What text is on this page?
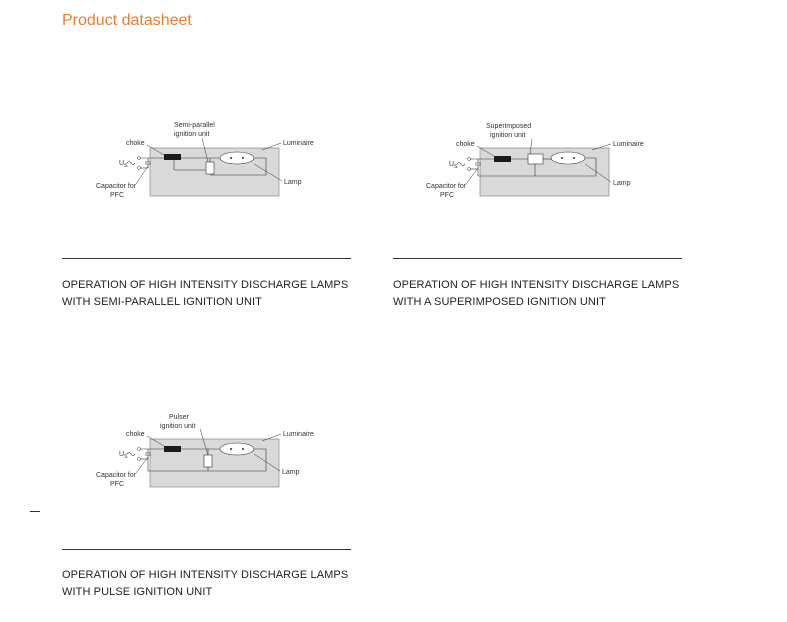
Product datasheet
Semi-parallel
ignition unit
choke	Luminaire
Lamp
$U_S$
Capacitor for
PFC
Superimposed
ignition unit
choke	Luminaire
Lamp
$U_S$
Capacitor for
PFC
Pulser
ignition unit
choke	Luminaire
Lamp
$U_S$
Capacitor for
PFC
OPERATION OF HIGH INTENSITY DISCHARGE LAMPS
WITH SEMI-PARALLEL IGNITION UNIT
OPERATION OF HIGH INTENSITY DISCHARGE LAMPS
WITH A SUPERIMPOSED IGNITION UNIT
OPERATION OF HIGH INTENSITY DISCHARGE LAMPS
WITH PULSE IGNITION UNIT
